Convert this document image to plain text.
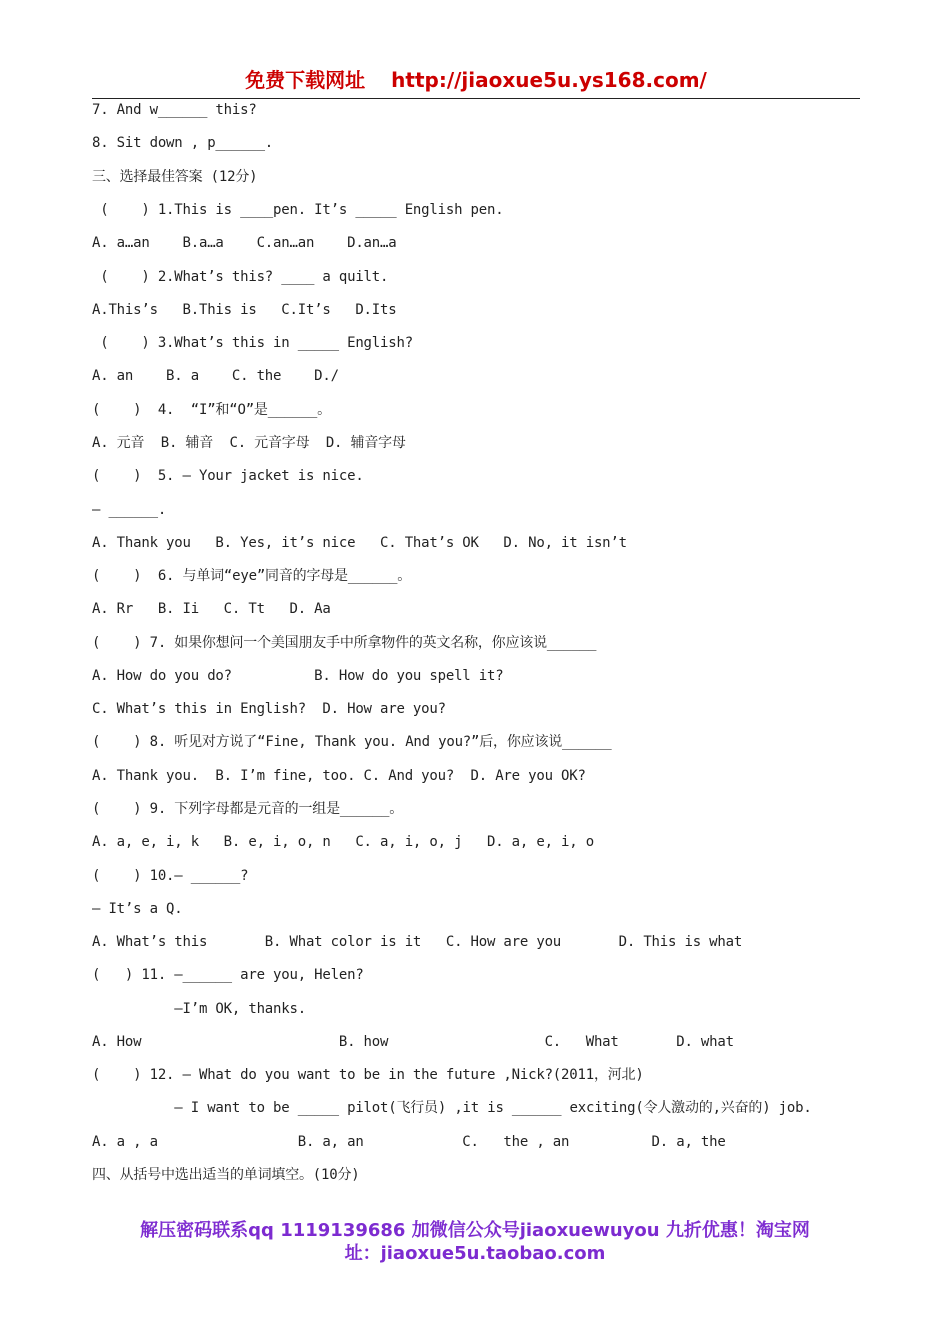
免费下载网址 http://jiaoxue5u.ys168.com/
7. And w______ this?
8. Sit down , p______.
三、选择最佳答案 (12分)
(    ) 1.This is ____pen. It’s _____ English pen.
A. a…an    B.a…a    C.an…an    D.an…a
(    ) 2.What’s this? ____ a quilt.
A.This’s   B.This is   C.It’s   D.Its
(    ) 3.What’s this in _____ English?
A. an    B. a    C. the    D./
(    )  4.  “I”和“O”是______。
A. 元音  B. 辅音  C. 元音字母  D. 辅音字母
(    )  5. — Your jacket is nice.
— ______.
A. Thank you   B. Yes, it’s nice   C. That’s OK   D. No, it isn’t
(    )  6. 与单词“eye”同音的字母是______。
A. Rr   B. Ii   C. Tt   D. Aa
(    ) 7. 如果你想问一个美国朋友手中所拿物件的英文名称，你应该说______
A. How do you do?          B. How do you spell it?
C. What’s this in English?  D. How are you?
(    ) 8. 听见对方说了“Fine, Thank you. And you?”后，你应该说______
A. Thank you.  B. I’m fine, too. C. And you?  D. Are you OK?
(    ) 9. 下列字母都是元音的一组是______。
A. a, e, i, k   B. e, i, o, n   C. a, i, o, j   D. a, e, i, o
(    ) 10.— ______?
— It’s a Q.
A. What’s this       B. What color is it   C. How are you       D. This is what
(   ) 11. —______ are you, Helen?
—I’m OK, thanks.
A. How                        B. how                   C.   What       D. what
(    ) 12. — What do you want to be in the future ,Nick?(2011，河北)
— I want to be _____ pilot(飞行员) ,it is ______ exciting(令人激动的,兴奋的) job.
A. a , a                 B. a, an            C.   the , an          D. a, the
四、从括号中选出适当的单词填空。(10分)
解压密码联系qq 1119139686 加微信公众号jiaoxuewuyou 九折优惠！淘宝网
址：jiaoxue5u.taobao.com
